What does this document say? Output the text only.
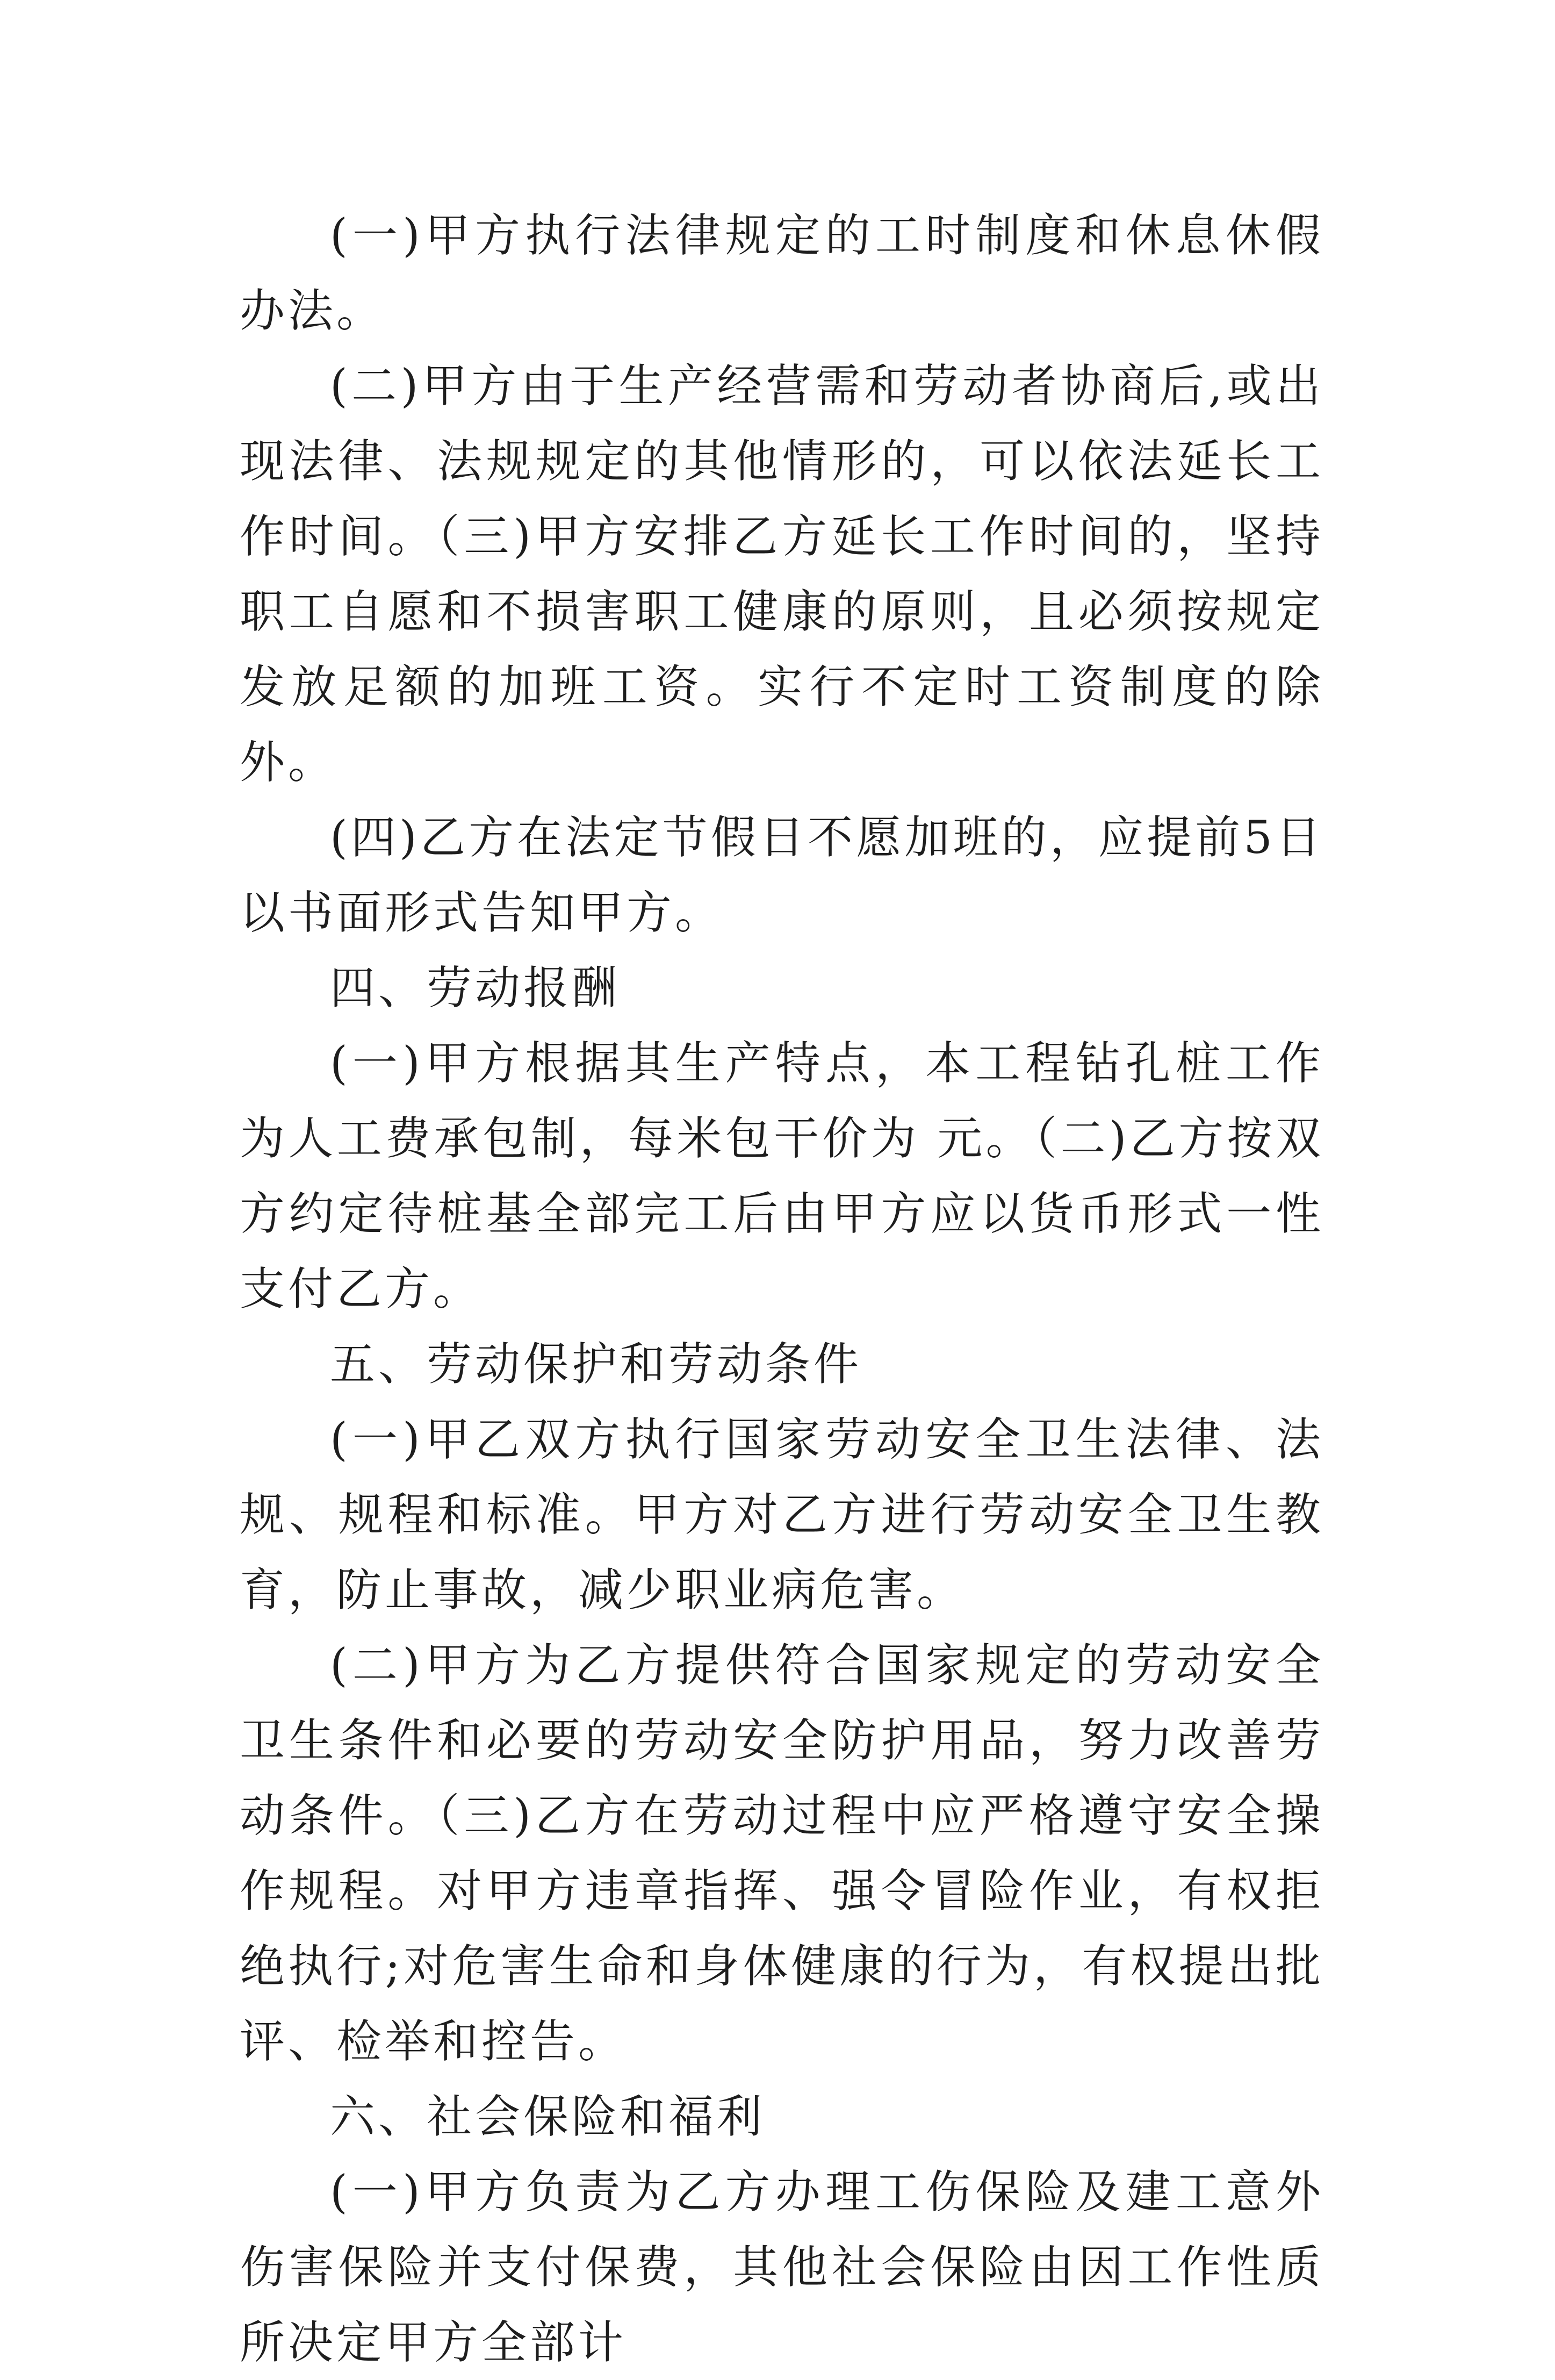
(一)甲方执行法律规定的工时制度和休息休假办法。

(二)甲方由于生产经营需和劳动者协商后,或出现法律、法规规定的其他情形的，可以依法延长工作时间。（三)甲方安排乙方延长工作时间的，坚持职工自愿和不损害职工健康的原则，且必须按规定发放足额的加班工资。实行不定时工资制度的除外。

(四)乙方在法定节假日不愿加班的，应提前5日以书面形式告知甲方。

四、劳动报酬

(一)甲方根据其生产特点，本工程钻孔桩工作为人工费承包制，每米包干价为 元。（二)乙方按双方约定待桩基全部完工后由甲方应以货币形式一性支付乙方。

五、劳动保护和劳动条件

(一)甲乙双方执行国家劳动安全卫生法律、法规、规程和标准。甲方对乙方进行劳动安全卫生教育，防止事故，减少职业病危害。

(二)甲方为乙方提供符合国家规定的劳动安全卫生条件和必要的劳动安全防护用品，努力改善劳动条件。（三)乙方在劳动过程中应严格遵守安全操作规程。对甲方违章指挥、强令冒险作业，有权拒绝执行;对危害生命和身体健康的行为，有权提出批评、检举和控告。

六、社会保险和福利

(一)甲方负责为乙方办理工伤保险及建工意外伤害保险并支付保费，其他社会保险由因工作性质所决定甲方全部计
